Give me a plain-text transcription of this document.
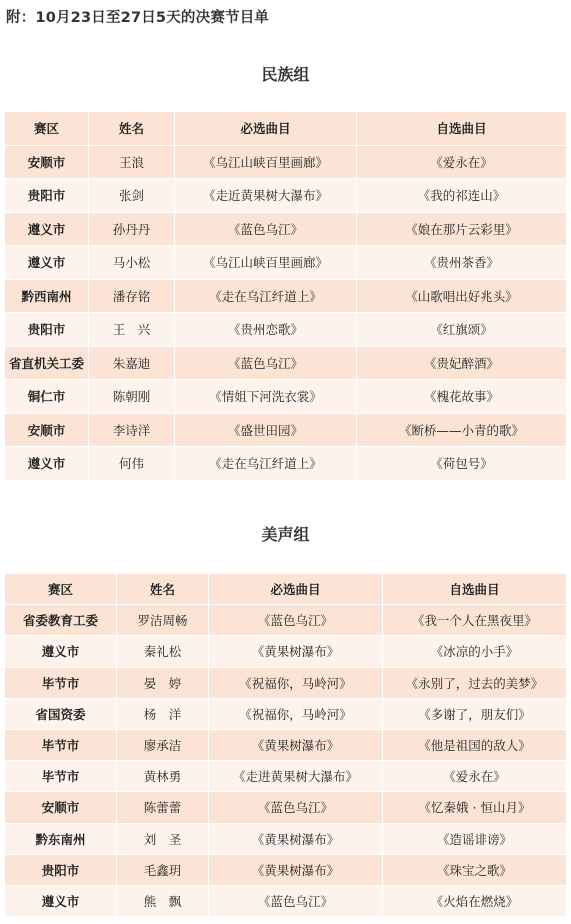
附：10月23日至27日5天的决赛节目单
民族组
赛区	姓名	必选曲目	自选曲目
安顺市	王浪	《乌江山峡百里画廊》	《爱永在》
贵阳市	张剑	《走近黄果树大瀑布》	《我的祁连山》
遵义市	孙丹丹	《蓝色乌江》	《娘在那片云彩里》
遵义市	马小松	《乌江山峡百里画廊》	《贵州茶香》
黔西南州	潘存铭	《走在乌江纤道上》	《山歌唱出好兆头》
贵阳市	王　兴	《贵州恋歌》	《红旗颂》
省直机关工委	朱嘉迪	《蓝色乌江》	《贵妃醉酒》
铜仁市	陈朝刚	《情姐下河洗衣裳》	《槐花故事》
安顺市	李诗洋	《盛世田园》	《断桥——小青的歌》
遵义市	何伟	《走在乌江纤道上》	《荷包号》
美声组
赛区	姓名	必选曲目	自选曲目
省委教育工委	罗洁周畅	《蓝色乌江》	《我一个人在黑夜里》
遵义市	秦礼松	《黄果树瀑布》	《冰凉的小手》
毕节市	晏　婷	《祝福你，马岭河》	《永别了，过去的美梦》
省国资委	杨　洋	《祝福你，马岭河》	《多谢了，朋友们》
毕节市	廖承洁	《黄果树瀑布》	《他是祖国的敌人》
毕节市	黄林勇	《走进黄果树大瀑布》	《爱永在》
安顺市	陈蕾蕾	《蓝色乌江》	《忆秦娥 · 恒山月》
黔东南州	刘　圣	《黄果树瀑布》	《造谣诽谤》
贵阳市	毛鑫玥	《黄果树瀑布》	《珠宝之歌》
遵义市	熊　飘	《蓝色乌江》	《火焰在燃烧》
